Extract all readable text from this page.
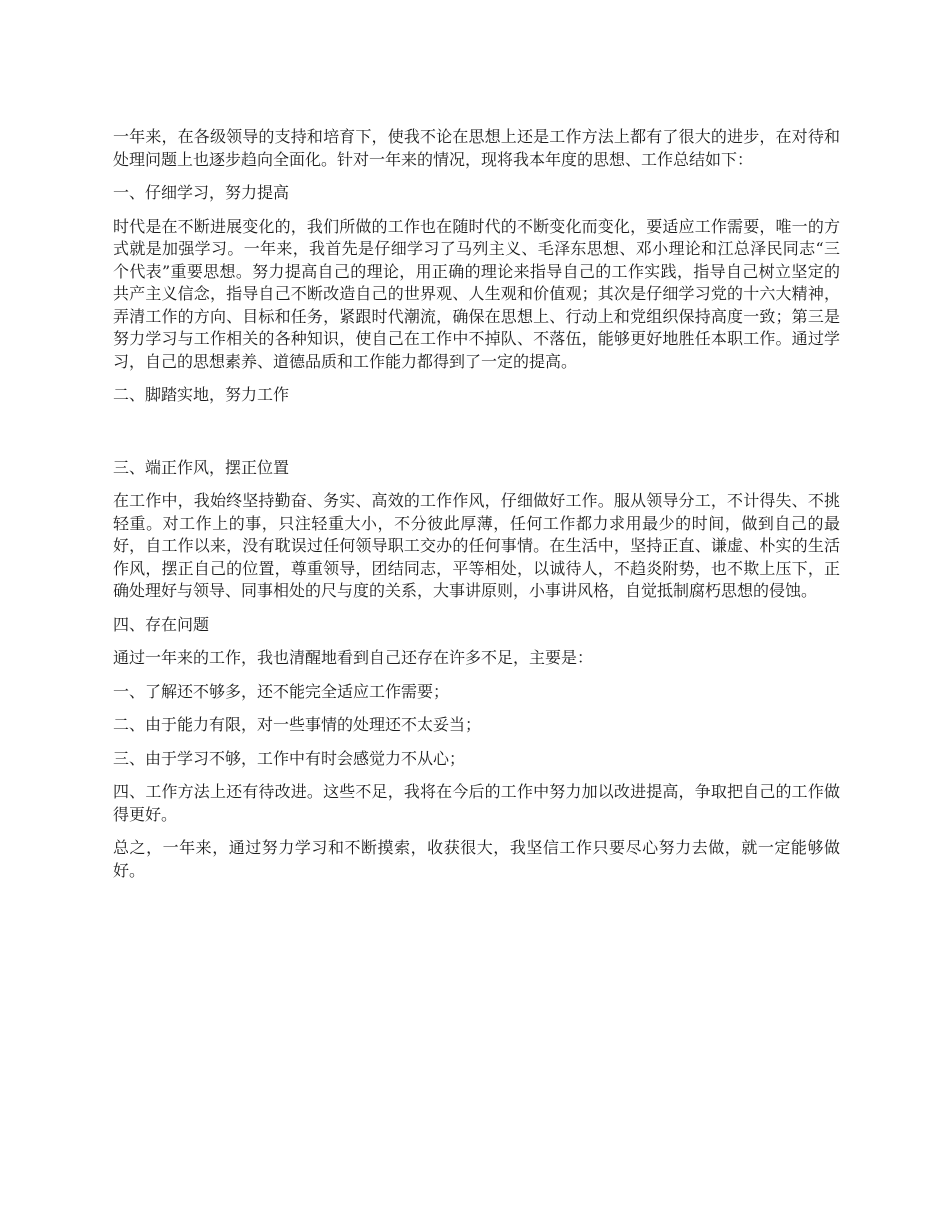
一年来，在各级领导的支持和培育下，使我不论在思想上还是工作方法上都有了很大的进步，在对待和处理问题上也逐步趋向全面化。针对一年来的情况，现将我本年度的思想、工作总结如下：

一、仔细学习，努力提高

时代是在不断进展变化的，我们所做的工作也在随时代的不断变化而变化，要适应工作需要，唯一的方式就是加强学习。一年来，我首先是仔细学习了马列主义、毛泽东思想、邓小理论和江总泽民同志“三个代表”重要思想。努力提高自己的理论，用正确的理论来指导自己的工作实践，指导自己树立坚定的共产主义信念，指导自己不断改造自己的世界观、人生观和价值观；其次是仔细学习党的十六大精神，弄清工作的方向、目标和任务，紧跟时代潮流，确保在思想上、行动上和党组织保持高度一致；第三是努力学习与工作相关的各种知识，使自己在工作中不掉队、不落伍，能够更好地胜任本职工作。通过学习，自己的思想素养、道德品质和工作能力都得到了一定的提高。

二、脚踏实地，努力工作

三、端正作风，摆正位置

在工作中，我始终坚持勤奋、务实、高效的工作作风，仔细做好工作。服从领导分工，不计得失、不挑轻重。对工作上的事，只注轻重大小，不分彼此厚薄，任何工作都力求用最少的时间，做到自己的最好，自工作以来，没有耽误过任何领导职工交办的任何事情。在生活中，坚持正直、谦虚、朴实的生活作风，摆正自己的位置，尊重领导，团结同志，平等相处，以诚待人，不趋炎附势，也不欺上压下，正确处理好与领导、同事相处的尺与度的关系，大事讲原则，小事讲风格，自觉抵制腐朽思想的侵蚀。

四、存在问题

通过一年来的工作，我也清醒地看到自己还存在许多不足，主要是：

一、了解还不够多，还不能完全适应工作需要；

二、由于能力有限，对一些事情的处理还不太妥当；

三、由于学习不够，工作中有时会感觉力不从心；

四、工作方法上还有待改进。这些不足，我将在今后的工作中努力加以改进提高，争取把自己的工作做得更好。

总之，一年来，通过努力学习和不断摸索，收获很大，我坚信工作只要尽心努力去做，就一定能够做好。
